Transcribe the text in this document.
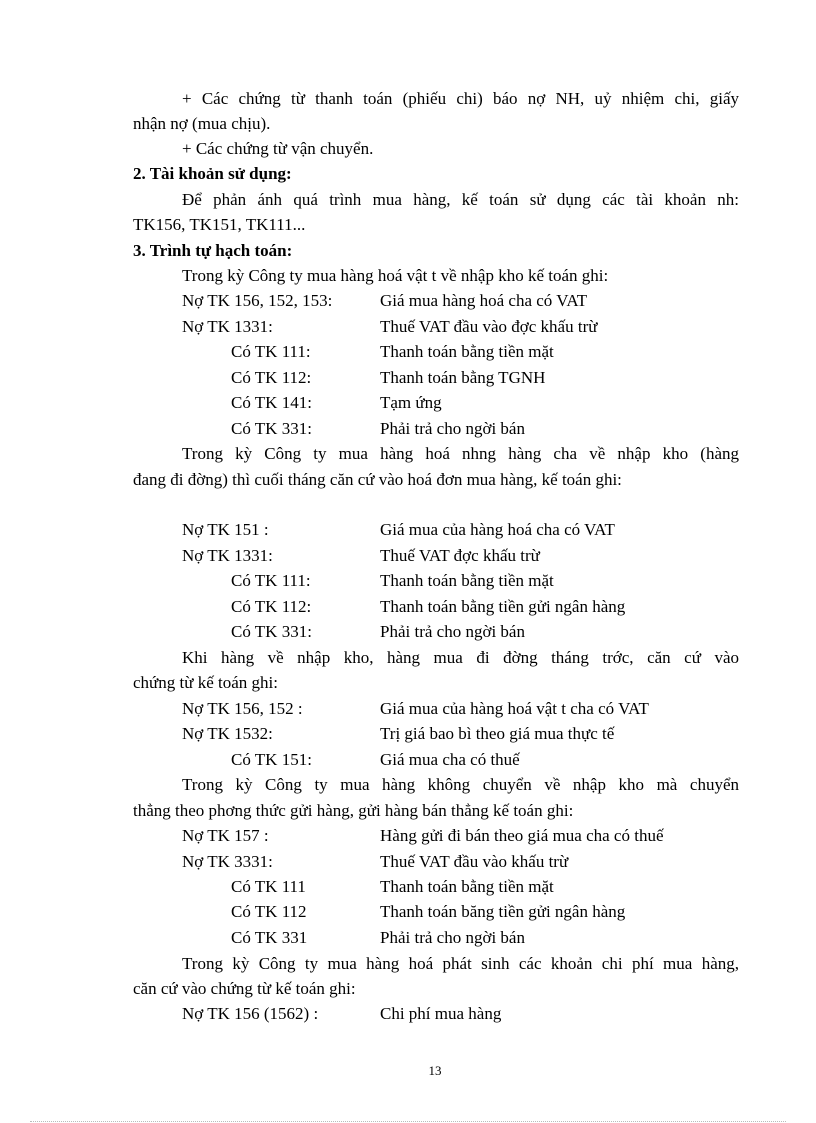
+ Các chứng từ thanh toán (phiếu chi) báo nợ NH, uỷ nhiệm chi, giấy
nhận nợ (mua chịu).
+ Các chứng từ vận chuyển.
2. Tài khoản sử dụng:
Để phản ánh quá trình mua hàng, kế toán sử dụng các tài khoản nh:
TK156, TK151, TK111...
3. Trình tự hạch toán:
Trong kỳ Công ty mua hàng hoá vật t về nhập kho kế toán ghi:
Nợ TK 156, 152, 153:	Giá mua hàng hoá cha có VAT
Nợ TK 1331:	Thuế VAT đầu vào đợc khấu trừ
Có TK 111:	Thanh toán bằng tiền mặt
Có TK 112:	Thanh toán bằng TGNH
Có TK 141:	Tạm ứng
Có TK 331:	Phải trả cho ngời bán
Trong kỳ Công ty mua hàng hoá nhng hàng cha về nhập kho (hàng
đang đi đờng) thì cuối tháng căn cứ vào hoá đơn mua hàng, kế toán ghi:
Nợ TK 151 :	Giá mua của hàng hoá cha có VAT
Nợ TK 1331:	Thuế VAT đợc khấu trừ
Có TK 111:	Thanh toán bằng tiền mặt
Có TK 112:	Thanh toán bằng tiền gửi ngân hàng
Có TK 331:	Phải trả cho ngời bán
Khi hàng về nhập kho, hàng mua đi đờng tháng trớc, căn cứ vào
chứng từ kế toán ghi:
Nợ TK 156, 152 :	Giá mua của hàng hoá vật t cha có VAT
Nợ TK 1532:	Trị giá bao bì theo giá mua thực tế
Có TK 151:	Giá mua cha có thuế
Trong kỳ Công ty mua hàng không chuyển về nhập kho mà chuyển
thẳng theo phơng thức gửi hàng, gửi hàng bán thẳng kế toán ghi:
Nợ TK 157 :	Hàng gửi đi bán theo giá mua cha có thuế
Nợ TK 3331:	Thuế VAT đầu vào khấu trừ
Có TK 111	Thanh toán bằng tiền mặt
Có TK 112	Thanh toán băng tiền gửi ngân hàng
Có TK 331	Phải trả cho ngời bán
Trong kỳ Công ty mua hàng hoá phát sinh các khoản chi phí mua hàng,
căn cứ vào chứng từ kế toán ghi:
Nợ TK 156 (1562) :	Chi phí mua hàng
13
